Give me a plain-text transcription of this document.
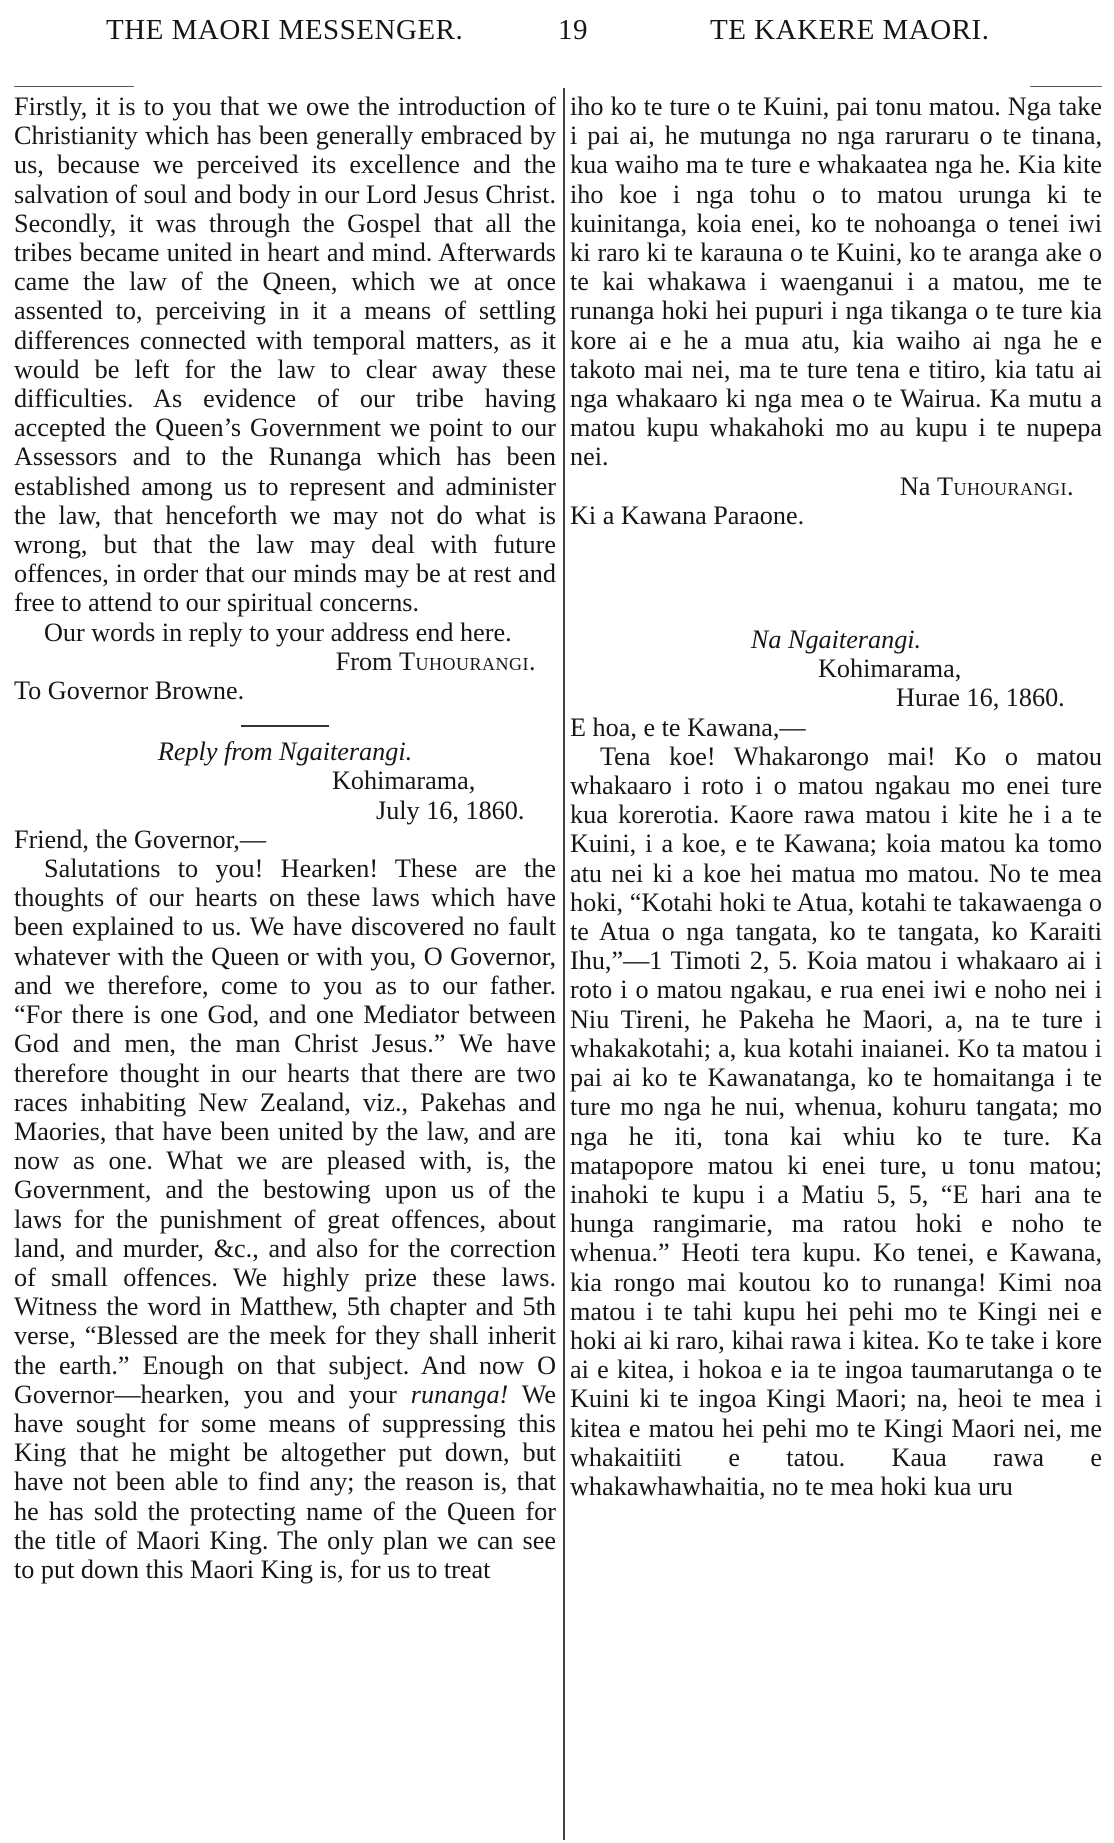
THE MAORI MESSENGER.	19	TE KAKERE MAORI.

Firstly, it is to you that we owe the introduction of Christianity which has been generally embraced by us, because we perceived its excellence and the salvation of soul and body in our Lord Jesus Christ. Secondly, it was through the Gospel that all the tribes became united in heart and mind. Afterwards came the law of the Qneen, which we at once assented to, perceiving in it a means of settling differences connected with temporal matters, as it would be left for the law to clear away these difficulties. As evidence of our tribe having accepted the Queen’s Government we point to our Assessors and to the Runanga which has been established among us to represent and administer the law, that henceforth we may not do what is wrong, but that the law may deal with future offences, in order that our minds may be at rest and free to attend to our spiritual concerns.

Our words in reply to your address end here.

From Tuhourangi.

To Governor Browne.

Reply from Ngaiterangi.

Kohimarama,

July 16, 1860.

Friend, the Governor,—

Salutations to you! Hearken! These are the thoughts of our hearts on these laws which have been explained to us. We have discovered no fault whatever with the Queen or with you, O Governor, and we therefore, come to you as to our father. “For there is one God, and one Mediator between God and men, the man Christ Jesus.” We have therefore thought in our hearts that there are two races inhabiting New Zealand, viz., Pakehas and Maories, that have been united by the law, and are now as one. What we are pleased with, is, the Government, and the bestowing upon us of the laws for the punishment of great offences, about land, and murder, &c., and also for the correction of small offences. We highly prize these laws. Witness the word in Matthew, 5th chapter and 5th verse, “Blessed are the meek for they shall inherit the earth.” Enough on that subject. And now O Governor—hearken, you and your runanga! We have sought for some means of suppressing this King that he might be altogether put down, but have not been able to find any; the reason is, that he has sold the protecting name of the Queen for the title of Maori King. The only plan we can see to put down this Maori King is, for us to treat

iho ko te ture o te Kuini, pai tonu matou. Nga take i pai ai, he mutunga no nga raruraru o te tinana, kua waiho ma te ture e whakaatea nga he. Kia kite iho koe i nga tohu o to matou urunga ki te kuinitanga, koia enei, ko te nohoanga o tenei iwi ki raro ki te karauna o te Kuini, ko te aranga ake o te kai whakawa i waenganui i a matou, me te runanga hoki hei pupuri i nga tikanga o te ture kia kore ai e he a mua atu, kia waiho ai nga he e takoto mai nei, ma te ture tena e titiro, kia tatu ai nga whakaaro ki nga mea o te Wairua. Ka mutu a matou kupu whakahoki mo au kupu i te nupepa nei.

Na Tuhourangi.

Ki a Kawana Paraone.

Na Ngaiterangi.

Kohimarama,

Hurae 16, 1860.

E hoa, e te Kawana,—

Tena koe! Whakarongo mai! Ko o matou whakaaro i roto i o matou ngakau mo enei ture kua korerotia. Kaore rawa matou i kite he i a te Kuini, i a koe, e te Kawana; koia matou ka tomo atu nei ki a koe hei matua mo matou. No te mea hoki, “Kotahi hoki te Atua, kotahi te takawaenga o te Atua o nga tangata, ko te tangata, ko Karaiti Ihu,”—1 Timoti 2, 5. Koia matou i whakaaro ai i roto i o matou ngakau, e rua enei iwi e noho nei i Niu Tireni, he Pakeha he Maori, a, na te ture i whakakotahi; a, kua kotahi inaianei. Ko ta matou i pai ai ko te Kawanatanga, ko te homaitanga i te ture mo nga he nui, whenua, kohuru tangata; mo nga he iti, tona kai whiu ko te ture. Ka matapopore matou ki enei ture, u tonu matou; inahoki te kupu i a Matiu 5, 5, “E hari ana te hunga rangimarie, ma ratou hoki e noho te whenua.” Heoti tera kupu. Ko tenei, e Kawana, kia rongo mai koutou ko to runanga! Kimi noa matou i te tahi kupu hei pehi mo te Kingi nei e hoki ai ki raro, kihai rawa i kitea. Ko te take i kore ai e kitea, i hokoa e ia te ingoa taumarutanga o te Kuini ki te ingoa Kingi Maori; na, heoi te mea i kitea e matou hei pehi mo te Kingi Maori nei, me whakaitiiti e tatou. Kaua rawa e whakawhawhaitia, no te mea hoki kua uru
